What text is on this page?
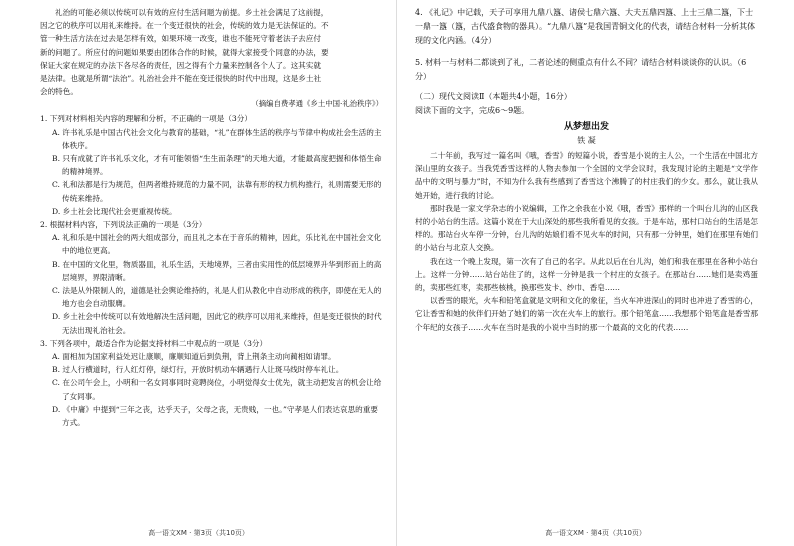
礼治的可能必须以传统可以有效的应付生活问题为前提。乡土社会满足了这前提，

因之它的秩序可以用礼来维持。在一个变迁很快的社会，传统的效力是无法保证的。不

管一种生活方法在过去是怎样有效，如果环境一改变，谁也不能死守着老法子去应付

新的问题了。所应付的问题如果要由团体合作的时候，就得大家接受个同意的办法，要

保证大家在规定的办法下各尽各的责任，因之得有个力量来控制各个人了。这其实就

是法律。也就是所谓“法治”。礼治社会并不能在变迁很快的时代中出现，这是乡土社

会的特色。

（摘编自费孝通《乡土中国·礼治秩序》）

1. 下列对材料相关内容的理解和分析，不正确的一项是（3分）

A. 许书礼乐是中国古代社会文化与教育的基础，“礼”在群体生活的秩序与节律中构成社会生活的主体秩序。

B. 只有成就了许书礼乐文化，才有可能领悟“生生而条理”的天地大道，才能最高度把握和体悟生命的精神境界。

C. 礼和法都是行为规范，但两者维持规范的力量不同，法靠有形的权力机构推行，礼则需要无形的传统来维持。

D. 乡土社会比现代社会更重视传统。

2. 根据材料内容，下列说法正确的一项是（3分）

A. 礼和乐是中国社会的两大组成部分，而且礼之本在于音乐的精神，因此，乐比礼在中国社会文化中的地位更高。

B. 在中国的文化里，物质器皿，礼乐生活，天地境界，三者由实用性的低层境界升华到形而上的高层境界，界限清晰。

C. 法是从外限制人的，道德是社会舆论维持的，礼是人们从教化中自动形成的秩序，即使在无人的地方也会自动服膺。

D. 乡土社会中传统可以有效地解决生活问题，因此它的秩序可以用礼来维持，但是变迁很快的时代无法出现礼治社会。

3. 下列各项中，最适合作为论据支持材料二中观点的一项是（3分）

A. 面相加为国家利益处迟让康顺，廉顺知道后到负荆，背上荆条主动向蔺相如请罪。

B. 过人行横道时，行人红灯停，绿灯行，开放时机动车辆遇行人让斑马线时停车礼让。

C. 在公司午会上，小明和一名女同事同时竞聘岗位，小明觉得女士优先，就主动把发言的机会让给了女同事。

D. 《中庸》中提到“三年之丧，达乎天子，父母之丧，无贵贱，一也。”守孝是人们表达哀思的重要方式。

高一语文XM · 第3页（共10页）

4. 《礼记》中记载，天子可享用九鼎八簋、诸侯七鼎六簋、大夫五鼎四簋、上士三鼎二簋，下士一鼎一簋（簋，古代盛食物的器具）。“九鼎八簋”是我国青铜文化的代表，请结合材料一分析其体现的文化内涵。（4分）

5. 材料一与材料二都谈到了礼，二者论述的侧重点有什么不同？请结合材料谈谈你的认识。（6分）

（二）现代文阅读Ⅱ（本题共4小题，16分）

阅读下面的文字，完成6～9题。

从梦想出发

铁 凝

二十年前，我写过一篇名叫《哦，香雪》的短篇小说，香雪是小说的主人公，一个生活在中国北方深山里的女孩子。当我凭香雪这样的人物去参加一个全国的文学会议时，我发现讨论的主题是“文学作品中的文明与暴力”时，不知为什么我有些感到了香雪这个沸腾了的村庄我们的少女。那么，就让我从她开始，进行我的讨论。

那时我是一家文学杂志的小说编辑，工作之余我在小说《哦，香雪》那样的一个叫台儿沟的山区我村的小站台的生活。这篇小说在于大山深处的那些我所看见的女孩。于是车站，那村口站台的生活是怎样的。那站台火车停一分钟，台儿沟的姑娘们看不见火车的时间，只有那一分钟里，她们在那里有她们的小站台与北京人交换。

我在这一个晚上发现，第一次有了自己的名字。从此以后在台儿沟，她们和我在那里在各种小站台上。这样一分钟……站台站住了的，这样一分钟是我一个村庄的女孩子。在那站台……她们是卖鸡蛋的，卖那些红枣，卖那些核桃，换那些发卡、纱巾、香皂……

以香雪的眼光，火车和铅笔盒就是文明和文化的象征，当火车冲进深山的同时也冲进了香雪的心，它让香雪和她的伙伴们开始了她们的第一次在火车上的旅行。那个铅笔盒……我想那个铅笔盒是香雪那个年纪的女孩子……火车在当时是我的小说中当时的那一个最高的文化的代表……

高一语文XM · 第4页（共10页）
